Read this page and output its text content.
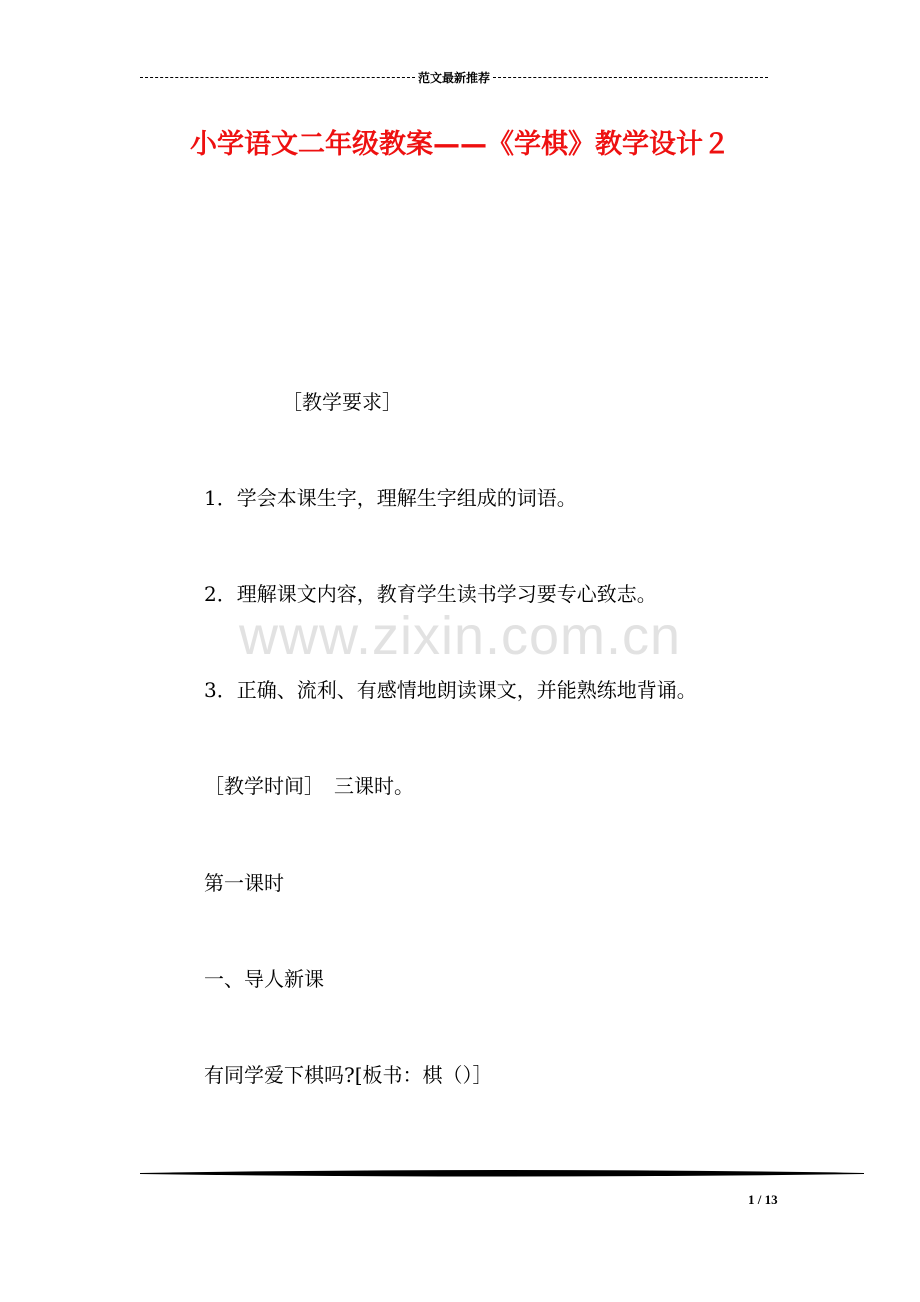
范文最新推荐
小学语文二年级教案——《学棋》教学设计２
www.zixin.com.cn
［教学要求］
1．学会本课生字，理解生字组成的词语。
2．理解课文内容，教育学生读书学习要专心致志。
3．正确、流利、有感情地朗读课文，并能熟练地背诵。
［教学时间］　三课时。
第一课时
一、导人新课
有同学爱下棋吗?[板书：棋（）］
1 / 13
